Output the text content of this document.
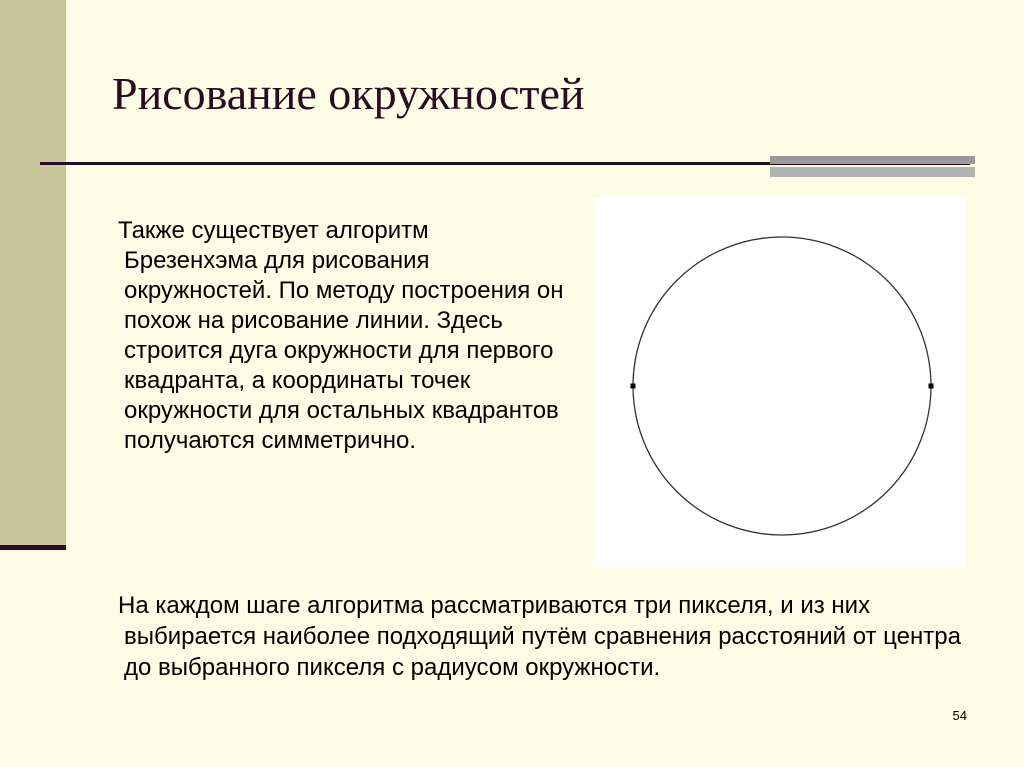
Рисование окружностей

Также существует алгоритм Брезенхэма для рисования окружностей. По методу построения он похож на рисование линии. Здесь строится дуга окружности для первого квадранта, а координаты точек окружности для остальных квадрантов получаются симметрично.

На каждом шаге алгоритма рассматриваются три пикселя, и из них выбирается наиболее подходящий путём сравнения расстояний от центра до выбранного пикселя с радиусом окружности.

54
